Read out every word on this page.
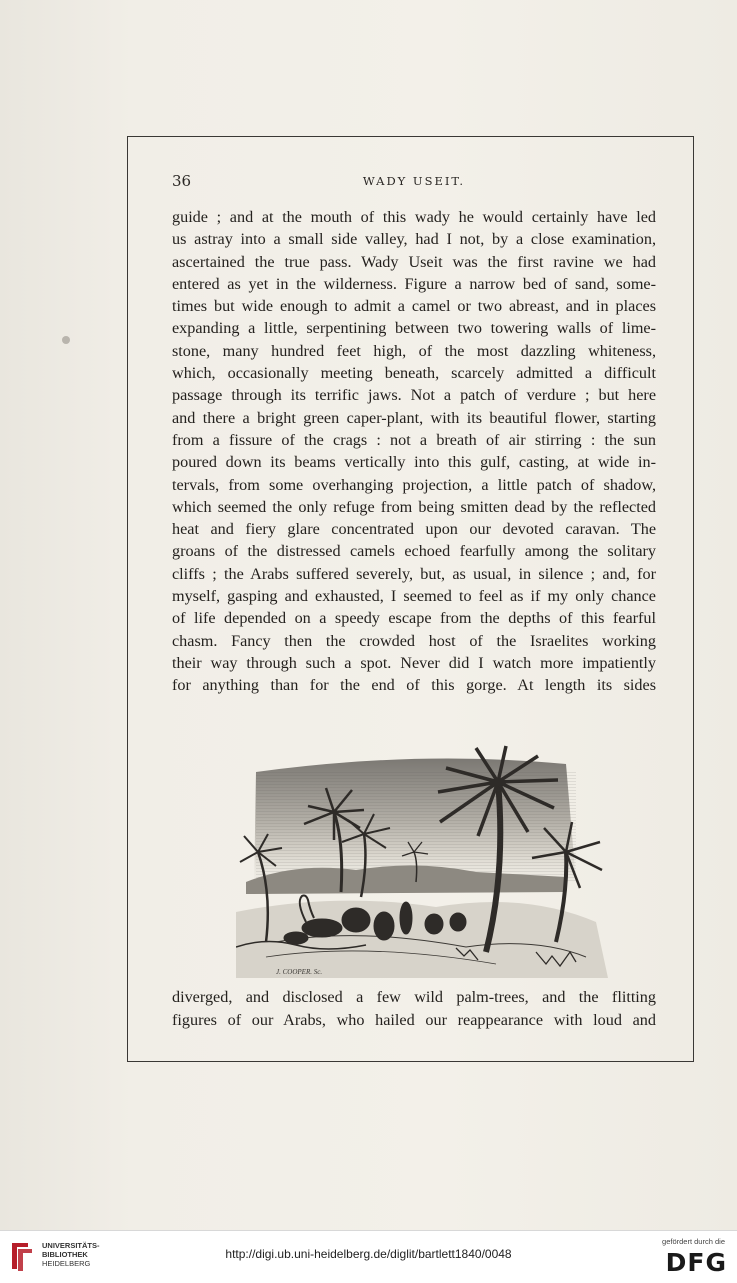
36	WADY USEIT.
guide ; and at the mouth of this wady he would certainly have led
us astray into a small side valley, had I not, by a close examination,
ascertained the true pass. Wady Useit was the first ravine we had
entered as yet in the wilderness. Figure a narrow bed of sand, some-
times but wide enough to admit a camel or two abreast, and in places
expanding a little, serpentining between two towering walls of lime-
stone, many hundred feet high, of the most dazzling whiteness,
which, occasionally meeting beneath, scarcely admitted a difficult
passage through its terrific jaws. Not a patch of verdure ; but here
and there a bright green caper-plant, with its beautiful flower, starting
from a fissure of the crags : not a breath of air stirring : the sun
poured down its beams vertically into this gulf, casting, at wide in-
tervals, from some overhanging projection, a little patch of shadow,
which seemed the only refuge from being smitten dead by the reflected
heat and fiery glare concentrated upon our devoted caravan. The
groans of the distressed camels echoed fearfully among the solitary
cliffs ; the Arabs suffered severely, but, as usual, in silence ; and, for
myself, gasping and exhausted, I seemed to feel as if my only chance
of life depended on a speedy escape from the depths of this fearful
chasm. Fancy then the crowded host of the Israelites working
their way through such a spot. Never did I watch more impatiently
for anything than for the end of this gorge. At length its sides
J. COOPER. Sc.
diverged, and disclosed a few wild palm-trees, and the flitting
figures of our Arabs, who hailed our reappearance with loud and
UNIVERSITÄTS-
BIBLIOTHEK
HEIDELBERG
http://digi.ub.uni-heidelberg.de/diglit/bartlett1840/0048
gefördert durch die
DFG
